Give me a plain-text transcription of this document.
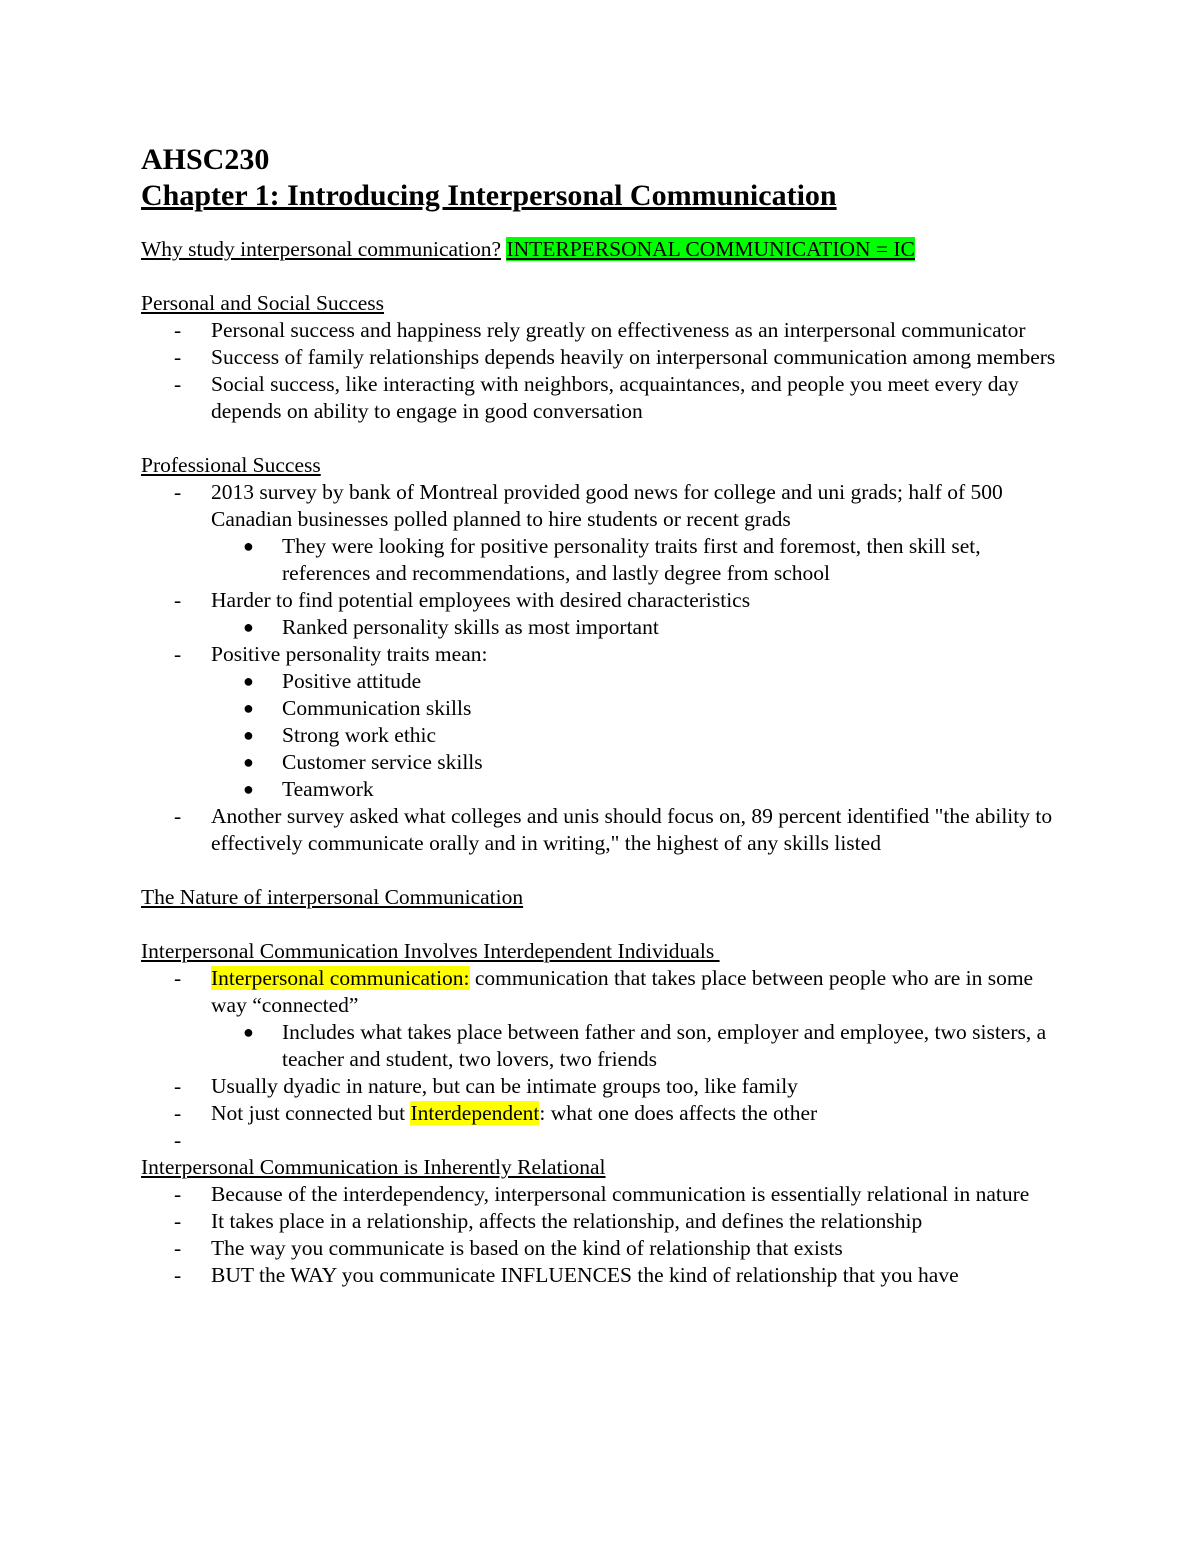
AHSC230
Chapter 1: Introducing Interpersonal Communication
Why study interpersonal communication? INTERPERSONAL COMMUNICATION = IC
Personal and Social Success
- Personal success and happiness rely greatly on effectiveness as an interpersonal communicator
- Success of family relationships depends heavily on interpersonal communication among members
- Social success, like interacting with neighbors, acquaintances, and people you meet every day depends on ability to engage in good conversation
Professional Success
- 2013 survey by bank of Montreal provided good news for college and uni grads; half of 500 Canadian businesses polled planned to hire students or recent grads
● They were looking for positive personality traits first and foremost, then skill set, references and recommendations, and lastly degree from school
- Harder to find potential employees with desired characteristics
● Ranked personality skills as most important
- Positive personality traits mean:
● Positive attitude
● Communication skills
● Strong work ethic
● Customer service skills
● Teamwork
- Another survey asked what colleges and unis should focus on, 89 percent identified "the ability to effectively communicate orally and in writing," the highest of any skills listed
The Nature of interpersonal Communication
Interpersonal Communication Involves Interdependent Individuals
- Interpersonal communication: communication that takes place between people who are in some way “connected”
● Includes what takes place between father and son, employer and employee, two sisters, a teacher and student, two lovers, two friends
- Usually dyadic in nature, but can be intimate groups too, like family
- Not just connected but Interdependent: what one does affects the other
-
Interpersonal Communication is Inherently Relational
- Because of the interdependency, interpersonal communication is essentially relational in nature
- It takes place in a relationship, affects the relationship, and defines the relationship
- The way you communicate is based on the kind of relationship that exists
- BUT the WAY you communicate INFLUENCES the kind of relationship that you have
